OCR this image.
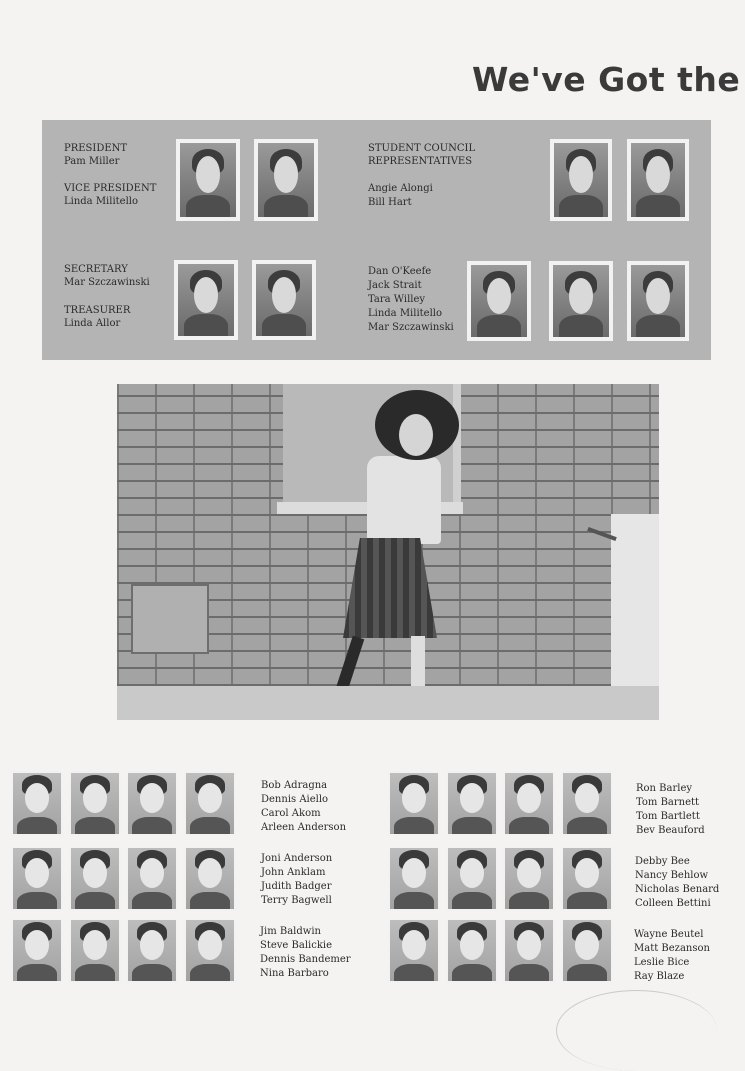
We've Got the
PRESIDENT
Pam Miller
VICE PRESIDENT
Linda Militello
SECRETARY
Mar Szczawinski
TREASURER
Linda Allor
STUDENT COUNCIL
REPRESENTATIVES
Angie Alongi
Bill Hart
Dan O'Keefe
Jack Strait
Tara Willey
Linda Militello
Mar Szczawinski
Bob Adragna
Dennis Aiello
Carol Akom
Arleen Anderson
Joni Anderson
John Anklam
Judith Badger
Terry Bagwell
Jim Baldwin
Steve Balickie
Dennis Bandemer
Nina Barbaro
Ron Barley
Tom Barnett
Tom Bartlett
Bev Beauford
Debby Bee
Nancy Behlow
Nicholas Benard
Colleen Bettini
Wayne Beutel
Matt Bezanson
Leslie Bice
Ray Blaze
